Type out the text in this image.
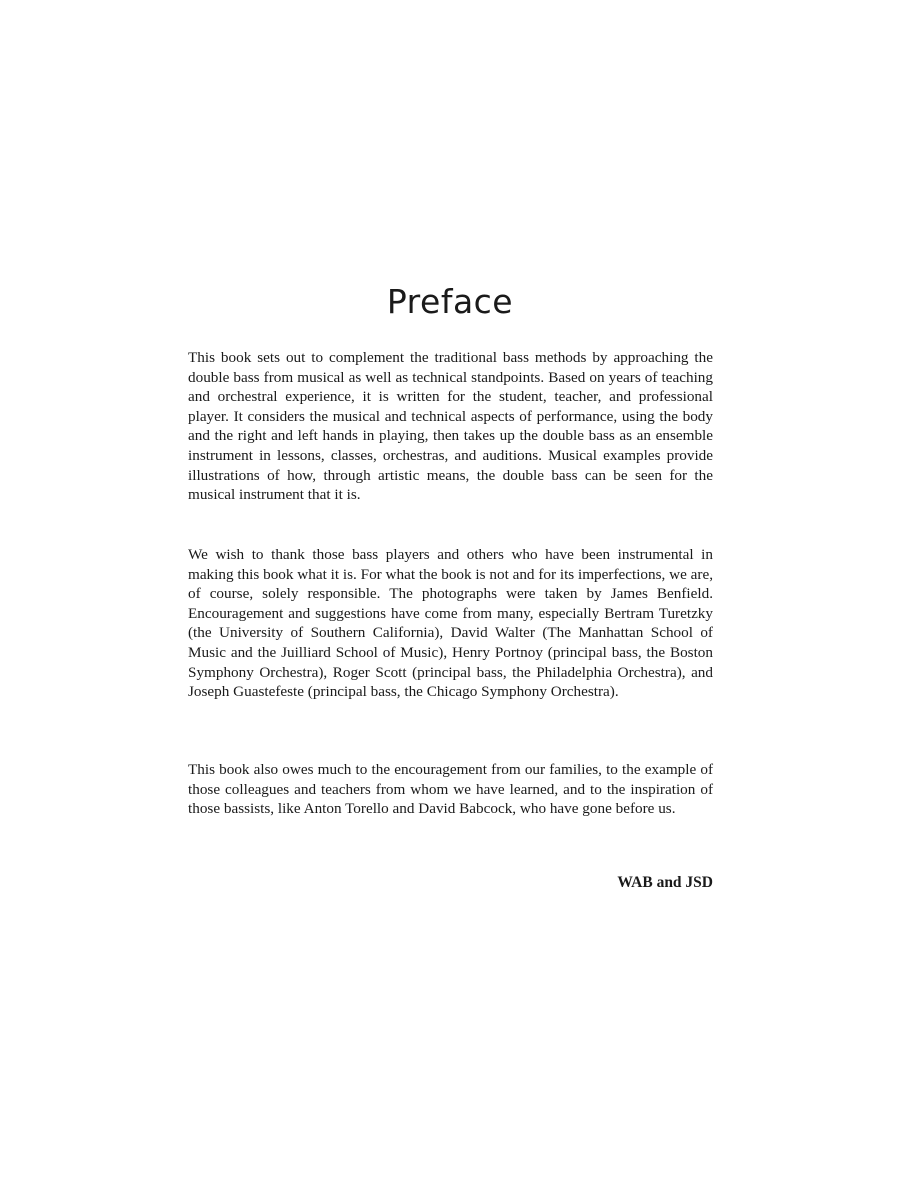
Preface

This book sets out to complement the traditional bass methods by approaching the double bass from musical as well as technical standpoints. Based on years of teaching and orchestral experience, it is written for the student, teacher, and professional player. It considers the musical and technical aspects of performance, using the body and the right and left hands in playing, then takes up the double bass as an ensemble instrument in lessons, classes, orchestras, and auditions. Musical examples provide illustrations of how, through artistic means, the double bass can be seen for the musical instrument that it is.

We wish to thank those bass players and others who have been instrumental in making this book what it is. For what the book is not and for its imperfections, we are, of course, solely responsible. The photographs were taken by James Benfield. Encouragement and suggestions have come from many, especially Bertram Turetzky (the University of Southern California), David Walter (The Manhattan School of Music and the Juilliard School of Music), Henry Portnoy (principal bass, the Boston Symphony Orchestra), Roger Scott (principal bass, the Philadelphia Orchestra), and Joseph Guastefeste (principal bass, the Chicago Symphony Orchestra).

This book also owes much to the encouragement from our families, to the example of those colleagues and teachers from whom we have learned, and to the inspiration of those bassists, like Anton Torello and David Babcock, who have gone before us.

WAB and JSD
